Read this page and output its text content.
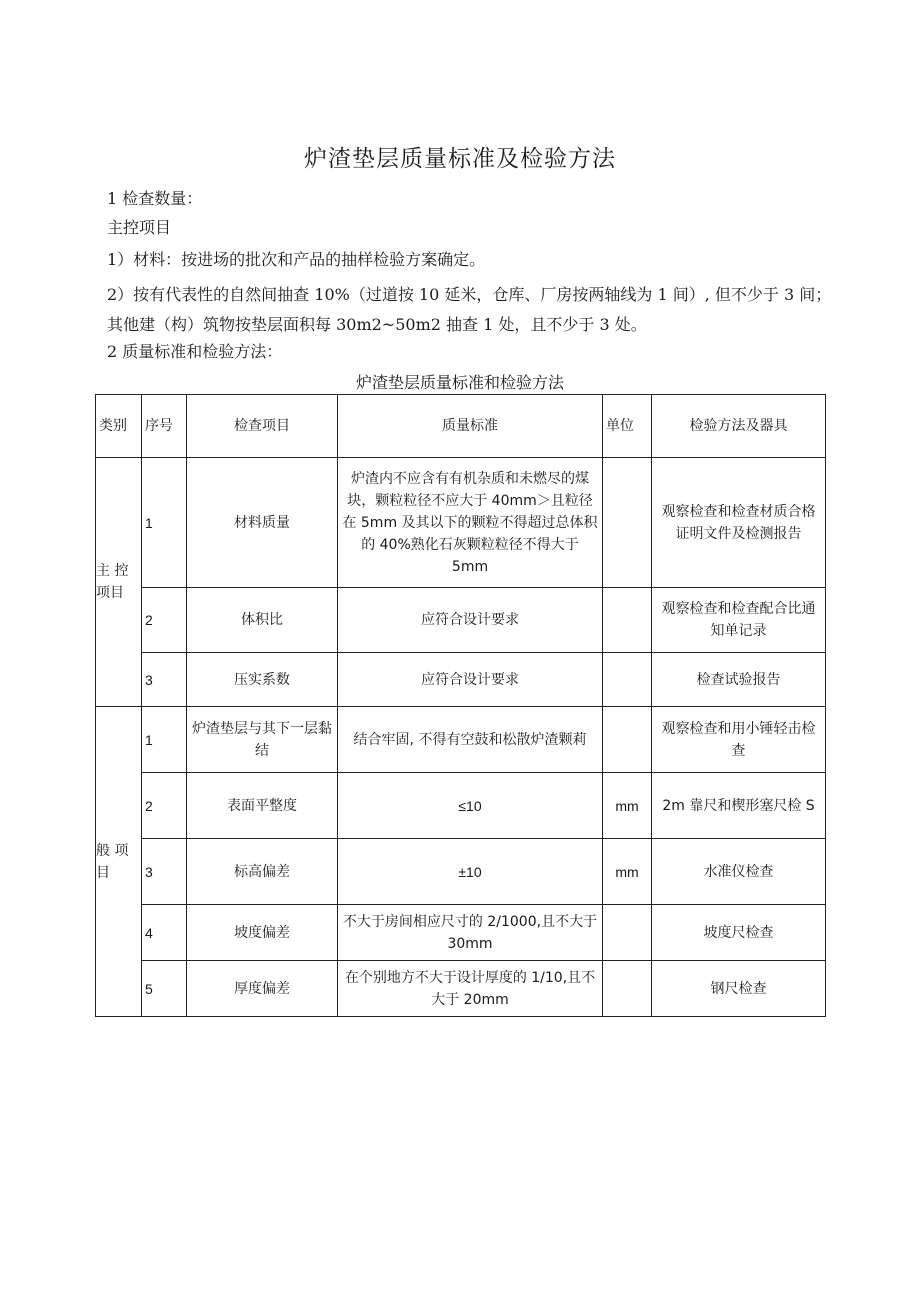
炉渣垫层质量标准及检验方法
1 检查数量：
主控项目
1）材料：按进场的批次和产品的抽样检验方案确定。
2）按有代表性的自然间抽查 10%（过道按 10 延米，仓库、厂房按两轴线为 1 间）, 但不少于 3 间；其他建（构）筑物按垫层面积每 30m2~50m2 抽查 1 处，且不少于 3 处。
2 质量标准和检验方法：
炉渣垫层质量标准和检验方法
类别	序号	检查项目	质量标准	单位	检验方法及器具
主 控 项目	1	材料质量	炉渣内不应含有有机杂质和未燃尽的煤块，颗粒粒径不应大于 40mm＞且粒径在 5mm 及其以下的颗粒不得超过总体积的 40%熟化石灰颗粒粒径不得大于 5mm		观察检查和检查材质合格证明文件及检测报告
	2	体积比	应符合设计要求		观察检查和检查配合比通知单记录
	3	压实系数	应符合设计要求		检查试验报告
般 项 目	1	炉渣垫层与其下一层黏结	结合牢固, 不得有空鼓和松散炉渣颗莉		观察检查和用小锤轻击检查
	2	表面平整度	≤10	mm	2m 靠尺和楔形塞尺检 S
	3	标高偏差	±10	mm	水准仪检查
	4	坡度偏差	不大于房间相应尺寸的 2/1000,且不大于 30mm		坡度尺检查
	5	厚度偏差	在个别地方不大于设计厚度的 1/10,且不大于 20mm		钢尺检查
